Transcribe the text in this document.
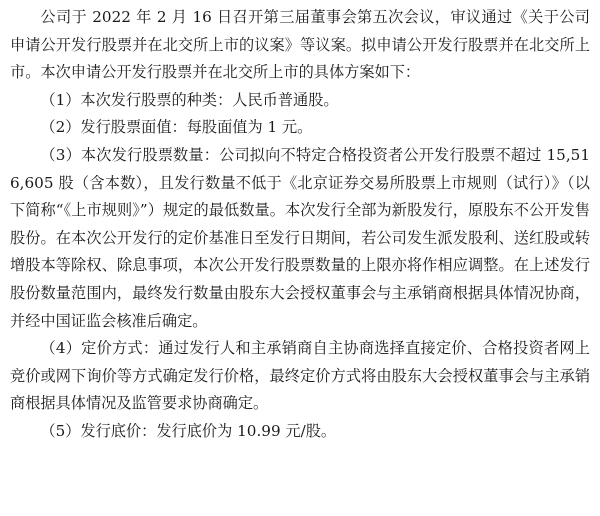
公司于 2022 年 2 月 16 日召开第三届董事会第五次会议，审议通过《关于公司申请公开发行股票并在北交所上市的议案》等议案。拟申请公开发行股票并在北交所上市。本次申请公开发行股票并在北交所上市的具体方案如下：

（1）本次发行股票的种类：人民币普通股。

（2）发行股票面值：每股面值为 1 元。

（3）本次发行股票数量：公司拟向不特定合格投资者公开发行股票不超过 15,516,605 股（含本数），且发行数量不低于《北京证券交易所股票上市规则（试行）》（以下简称“《上市规则》”）规定的最低数量。本次发行全部为新股发行，原股东不公开发售股份。在本次公开发行的定价基准日至发行日期间，若公司发生派发股利、送红股或转增股本等除权、除息事项，本次公开发行股票数量的上限亦将作相应调整。在上述发行股份数量范围内，最终发行数量由股东大会授权董事会与主承销商根据具体情况协商，并经中国证监会核准后确定。

（4）定价方式：通过发行人和主承销商自主协商选择直接定价、合格投资者网上竞价或网下询价等方式确定发行价格，最终定价方式将由股东大会授权董事会与主承销商根据具体情况及监管要求协商确定。

（5）发行底价：发行底价为 10.99 元/股。
